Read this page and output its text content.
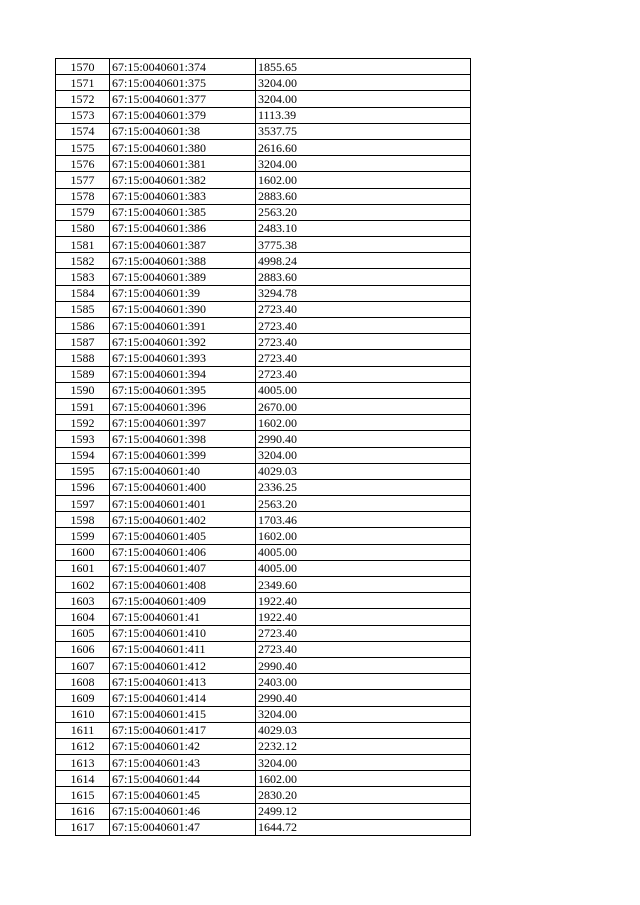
1570	67:15:0040601:374	1855.65
1571	67:15:0040601:375	3204.00
1572	67:15:0040601:377	3204.00
1573	67:15:0040601:379	1113.39
1574	67:15:0040601:38	3537.75
1575	67:15:0040601:380	2616.60
1576	67:15:0040601:381	3204.00
1577	67:15:0040601:382	1602.00
1578	67:15:0040601:383	2883.60
1579	67:15:0040601:385	2563.20
1580	67:15:0040601:386	2483.10
1581	67:15:0040601:387	3775.38
1582	67:15:0040601:388	4998.24
1583	67:15:0040601:389	2883.60
1584	67:15:0040601:39	3294.78
1585	67:15:0040601:390	2723.40
1586	67:15:0040601:391	2723.40
1587	67:15:0040601:392	2723.40
1588	67:15:0040601:393	2723.40
1589	67:15:0040601:394	2723.40
1590	67:15:0040601:395	4005.00
1591	67:15:0040601:396	2670.00
1592	67:15:0040601:397	1602.00
1593	67:15:0040601:398	2990.40
1594	67:15:0040601:399	3204.00
1595	67:15:0040601:40	4029.03
1596	67:15:0040601:400	2336.25
1597	67:15:0040601:401	2563.20
1598	67:15:0040601:402	1703.46
1599	67:15:0040601:405	1602.00
1600	67:15:0040601:406	4005.00
1601	67:15:0040601:407	4005.00
1602	67:15:0040601:408	2349.60
1603	67:15:0040601:409	1922.40
1604	67:15:0040601:41	1922.40
1605	67:15:0040601:410	2723.40
1606	67:15:0040601:411	2723.40
1607	67:15:0040601:412	2990.40
1608	67:15:0040601:413	2403.00
1609	67:15:0040601:414	2990.40
1610	67:15:0040601:415	3204.00
1611	67:15:0040601:417	4029.03
1612	67:15:0040601:42	2232.12
1613	67:15:0040601:43	3204.00
1614	67:15:0040601:44	1602.00
1615	67:15:0040601:45	2830.20
1616	67:15:0040601:46	2499.12
1617	67:15:0040601:47	1644.72
